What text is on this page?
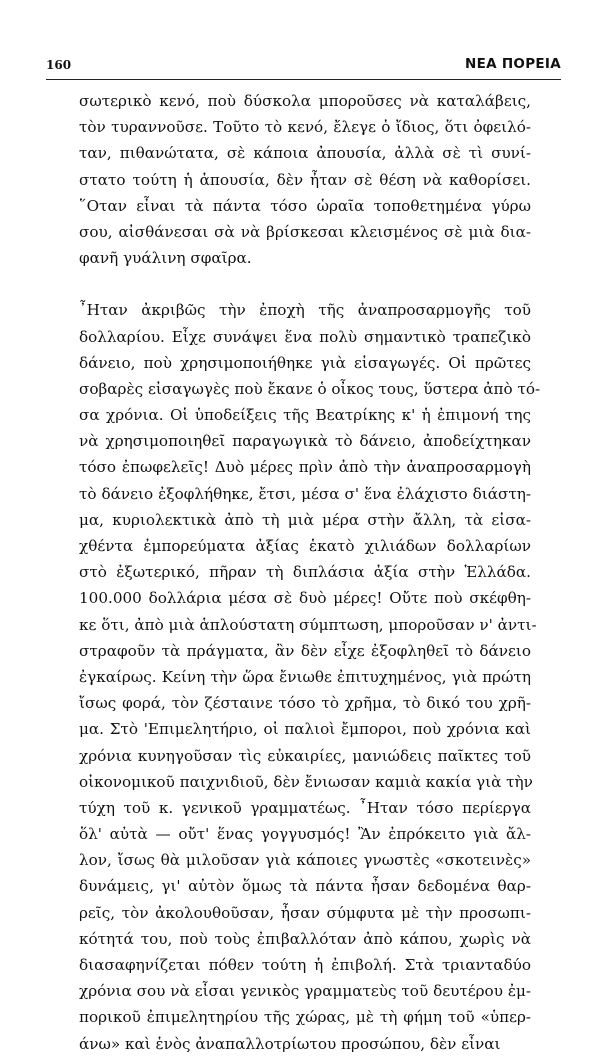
160	ΝΕΑ ΠΟΡΕΙΑ
σωτερικὸ κενό, ποὺ δύσκολα μποροῦσες νὰ καταλάβεις,
τὸν τυραννοῦσε. Τοῦτο τὸ κενό, ἔλεγε ὁ ἴδιος, ὅτι ὀφειλό-
ταν, πιθανώτατα, σὲ κάποια ἀπουσία, ἀλλὰ σὲ τὶ συνί-
στατο τούτη ἡ ἀπουσία, δὲν ἦταν σὲ θέση νὰ καθορίσει.
῞Οταν εἶναι τὰ πάντα τόσο ὡραῖα τοποθετημένα γύρω
σου, αἰσθάνεσαι σὰ νὰ βρίσκεσαι κλεισμένος σὲ μιὰ δια-
φανῆ γυάλινη σφαῖρα.
῏Ηταν ἀκριβῶς τὴν ἐποχὴ τῆς ἀναπροσαρμογῆς τοῦ
δολλαρίου. Εἶχε συνάψει ἕνα πολὺ σημαντικὸ τραπεζικὸ
δάνειο, ποὺ χρησιμοποιήθηκε γιὰ εἰσαγωγές. Οἱ πρῶτες
σοβαρὲς εἰσαγωγὲς ποὺ ἔκανε ὁ οἶκος τους, ὕστερα ἀπὸ τό-
σα χρόνια. Οἱ ὑποδείξεις τῆς Βεατρίκης κ' ἡ ἐπιμονή της
νὰ χρησιμοποιηθεῖ παραγωγικὰ τὸ δάνειο, ἀποδείχτηκαν
τόσο ἐπωφελεῖς! Δυὸ μέρες πρὶν ἀπὸ τὴν ἀναπροσαρμογὴ
τὸ δάνειο ἐξοφλήθηκε, ἔτσι, μέσα σ' ἕνα ἐλάχιστο διάστη-
μα, κυριολεκτικὰ ἀπὸ τὴ μιὰ μέρα στὴν ἄλλη, τὰ εἰσα-
χθέντα ἐμπορεύματα ἀξίας ἑκατὸ χιλιάδων δολλαρίων
στὸ ἐξωτερικό, πῆραν τὴ διπλάσια ἀξία στὴν Ἑλλάδα.
100.000 δολλάρια μέσα σὲ δυὸ μέρες! Οὔτε ποὺ σκέφθη-
κε ὅτι, ἀπὸ μιὰ ἁπλούστατη σύμπτωση, μποροῦσαν ν' ἀντι-
στραφοῦν τὰ πράγματα, ἂν δὲν εἶχε ἐξοφληθεῖ τὸ δάνειο
ἐγκαίρως. Κείνη τὴν ὥρα ἔνιωθε ἐπιτυχημένος, γιὰ πρώτη
ἴσως φορά, τὸν ζέσταινε τόσο τὸ χρῆμα, τὸ δικό του χρῆ-
μα. Στὸ 'Επιμελητήριο, οἱ παλιοὶ ἔμποροι, ποὺ χρόνια καὶ
χρόνια κυνηγοῦσαν τὶς εὐκαιρίες, μανιώδεις παῖκτες τοῦ
οἰκονομικοῦ παιχνιδιοῦ, δὲν ἔνιωσαν καμιὰ κακία γιὰ τὴν
τύχη τοῦ κ. γενικοῦ γραμματέως. ῏Ηταν τόσο περίεργα
ὅλ' αὐτὰ — οὔτ' ἕνας γογγυσμός! Ἂν ἐπρόκειτο γιὰ ἄλ-
λον, ἴσως θὰ μιλοῦσαν γιὰ κάποιες γνωστὲς «σκοτεινὲς»
δυνάμεις, γι' αὐτὸν ὅμως τὰ πάντα ἦσαν δεδομένα θαρ-
ρεῖς, τὸν ἀκολουθοῦσαν, ἦσαν σύμφυτα μὲ τὴν προσωπι-
κότητά του, ποὺ τοὺς ἐπιβαλλόταν ἀπὸ κάπου, χωρὶς νὰ
διασαφηνίζεται πόθεν τούτη ἡ ἐπιβολή. Στὰ τριανταδύο
χρόνια σου νὰ εἶσαι γενικὸς γραμματεὺς τοῦ δευτέρου ἐμ-
πορικοῦ ἐπιμελητηρίου τῆς χώρας, μὲ τὴ φήμη τοῦ «ὑπερ-
άνω» καὶ ἑνὸς ἀναπαλλοτρίωτου προσώπου, δὲν εἶναι
